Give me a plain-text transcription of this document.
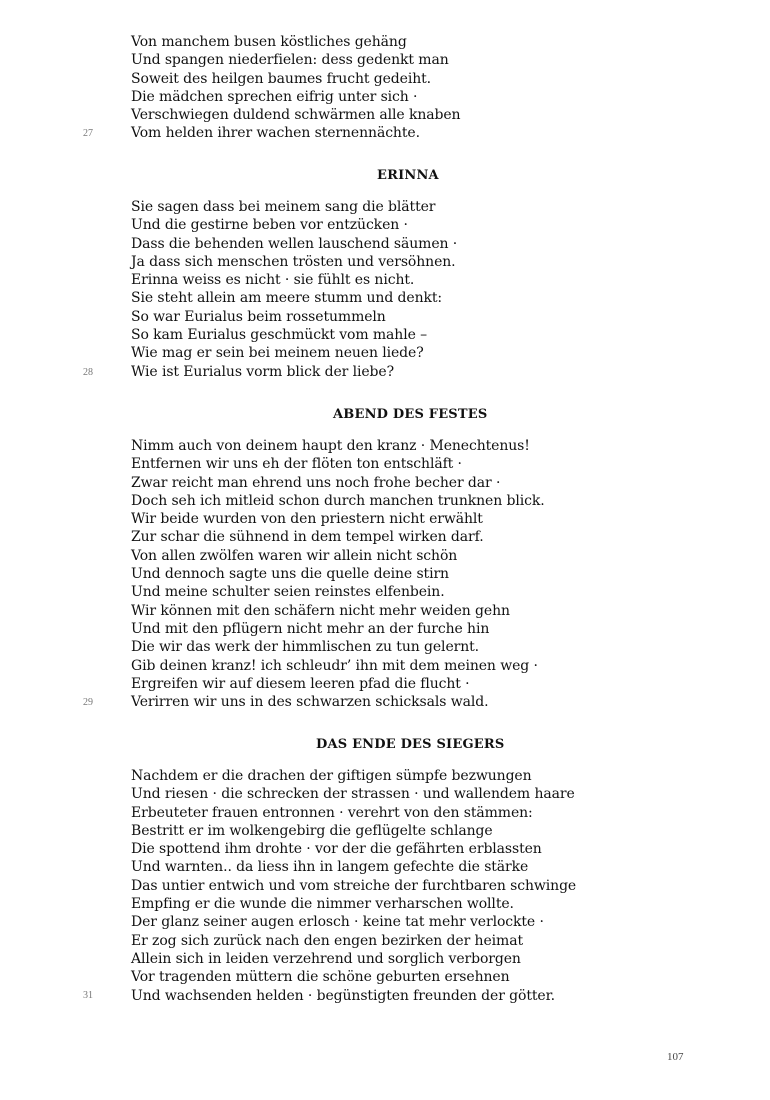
Von manchem busen köstliches gehäng
Und spangen niederfielen: dess gedenkt man
Soweit des heilgen baumes frucht gedeiht.
Die mädchen sprechen eifrig unter sich ·
Verschwiegen duldend schwärmen alle knaben
Vom helden ihrer wachen sternennächte.
27
ERINNA
Sie sagen dass bei meinem sang die blätter
Und die gestirne beben vor entzücken ·
Dass die behenden wellen lauschend säumen ·
Ja dass sich menschen trösten und versöhnen.
Erinna weiss es nicht · sie fühlt es nicht.
Sie steht allein am meere stumm und denkt:
So war Eurialus beim rossetummeln
So kam Eurialus geschmückt vom mahle –
Wie mag er sein bei meinem neuen liede?
Wie ist Eurialus vorm blick der liebe?
28
ABEND DES FESTES
Nimm auch von deinem haupt den kranz · Menechtenus!
Entfernen wir uns eh der flöten ton entschläft ·
Zwar reicht man ehrend uns noch frohe becher dar ·
Doch seh ich mitleid schon durch manchen trunknen blick.
Wir beide wurden von den priestern nicht erwählt
Zur schar die sühnend in dem tempel wirken darf.
Von allen zwölfen waren wir allein nicht schön
Und dennoch sagte uns die quelle deine stirn
Und meine schulter seien reinstes elfenbein.
Wir können mit den schäfern nicht mehr weiden gehn
Und mit den pflügern nicht mehr an der furche hin
Die wir das werk der himmlischen zu tun gelernt.
Gib deinen kranz! ich schleudr’ ihn mit dem meinen weg ·
Ergreifen wir auf diesem leeren pfad die flucht ·
Verirren wir uns in des schwarzen schicksals wald.
29
DAS ENDE DES SIEGERS
Nachdem er die drachen der giftigen sümpfe bezwungen
Und riesen · die schrecken der strassen · und wallendem haare
Erbeuteter frauen entronnen · verehrt von den stämmen:
Bestritt er im wolkengebirg die geflügelte schlange
Die spottend ihm drohte · vor der die gefährten erblassten
Und warnten.. da liess ihn in langem gefechte die stärke
Das untier entwich und vom streiche der furchtbaren schwinge
Empfing er die wunde die nimmer verharschen wollte.
Der glanz seiner augen erlosch · keine tat mehr verlockte ·
Er zog sich zurück nach den engen bezirken der heimat
Allein sich in leiden verzehrend und sorglich verborgen
Vor tragenden müttern die schöne geburten ersehnen
Und wachsenden helden · begünstigten freunden der götter.
31
107
